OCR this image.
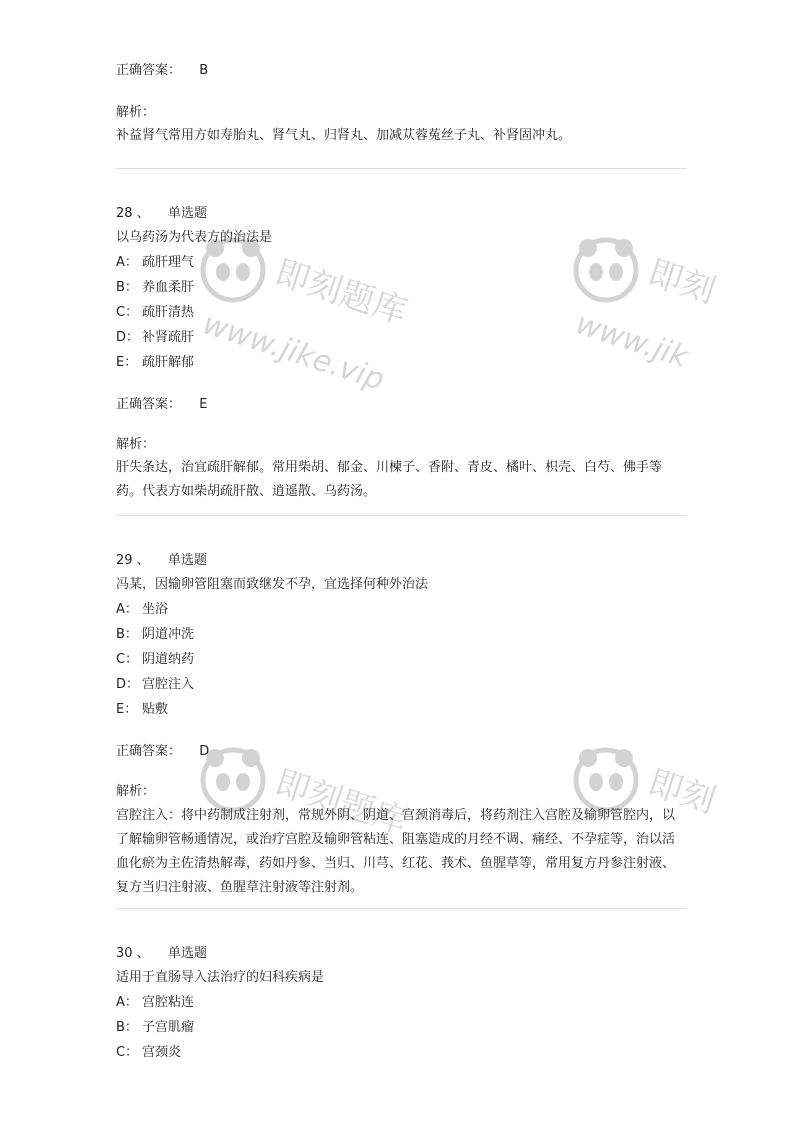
即刻题库
www.jike.vip
即刻
www.jik
即刻题库	即刻
正确答案： B
解析：
补益肾气常用方如寿胎丸、肾气丸、归肾丸、加减苁蓉菟丝子丸、补肾固冲丸。
28 、 单选题
以乌药汤为代表方的治法是
A： 疏肝理气
B： 养血柔肝
C： 疏肝清热
D： 补肾疏肝
E： 疏肝解郁
正确答案： E
解析：
肝失条达，治宜疏肝解郁。常用柴胡、郁金、川楝子、香附、青皮、橘叶、枳壳、白芍、佛手等药。代表方如柴胡疏肝散、逍遥散、乌药汤。
29 、 单选题
冯某，因输卵管阻塞而致继发不孕，宜选择何种外治法
A： 坐浴
B： 阴道冲洗
C： 阴道纳药
D： 宫腔注入
E： 贴敷
正确答案： D
解析：
宫腔注入：将中药制成注射剂，常规外阴、阴道、宫颈消毒后，将药剂注入宫腔及输卵管腔内，以了解输卵管畅通情况，或治疗宫腔及输卵管粘连、阻塞造成的月经不调、痛经、不孕症等，治以活血化瘀为主佐清热解毒，药如丹参、当归、川芎、红花、莪术、鱼腥草等，常用复方丹参注射液、复方当归注射液、鱼腥草注射液等注射剂。
30 、 单选题
适用于直肠导入法治疗的妇科疾病是
A： 宫腔粘连
B： 子宫肌瘤
C： 宫颈炎
